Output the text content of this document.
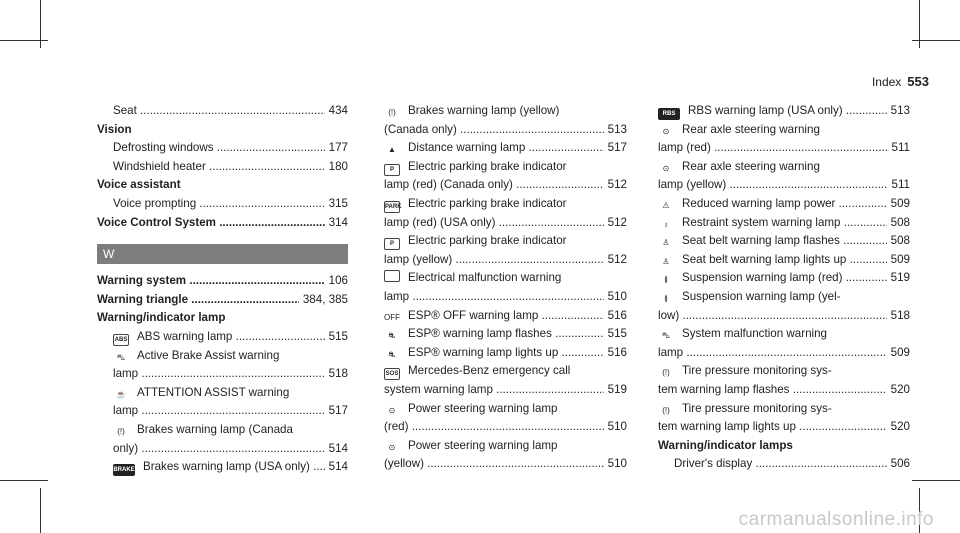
Index 553
Seat .....	434
Vision
Defrosting windows .....	177
Windshield heater .....	180
Voice assistant
Voice prompting .....	315
Voice Control System .....	314
W
Warning system .....	106
Warning triangle .....	384, 385
Warning/indicator lamp
ABS ABS warning lamp .....	515
⛍ Active Brake Assist warning
lamp .....	518
☕ ATTENTION ASSIST warning
lamp .....	517
(!) Brakes warning lamp (Canada
only) .....	514
BRAKE Brakes warning lamp (USA only) .....	514
(!) Brakes warning lamp (yellow)
(Canada only) .....	513
▲ Distance warning lamp .....	517
P Electric parking brake indicator
lamp (red) (Canada only) .....	512
PARK Electric parking brake indicator
lamp (red) (USA only) .....	512
P Electric parking brake indicator
lamp (yellow) .....	512
Electrical malfunction warning
lamp .....	510
OFF ESP® OFF warning lamp .....	516
⛐ ESP® warning lamp flashes .....	515
⛐ ESP® warning lamp lights up .....	516
SOS Mercedes-Benz emergency call
system warning lamp .....	519
⊙ Power steering warning lamp
(red) .....	510
⊙ Power steering warning lamp
(yellow) .....	510
RBS RBS warning lamp (USA only) .....	513
⊙ Rear axle steering warning
lamp (red) .....	511
⊙ Rear axle steering warning
lamp (yellow) .....	511
⚠ Reduced warning lamp power .....	509
♁ Restraint system warning lamp .....	508
♙ Seat belt warning lamp flashes .....	508
♙ Seat belt warning lamp lights up .....	509
≬ Suspension warning lamp (red) .....	519
≬ Suspension warning lamp (yel-
low) .....	518
⛍ System malfunction warning
lamp .....	509
(!) Tire pressure monitoring sys-
tem warning lamp flashes .....	520
(!) Tire pressure monitoring sys-
tem warning lamp lights up .....	520
Warning/indicator lamps
Driver's display .....	506
carmanualsonline.info
